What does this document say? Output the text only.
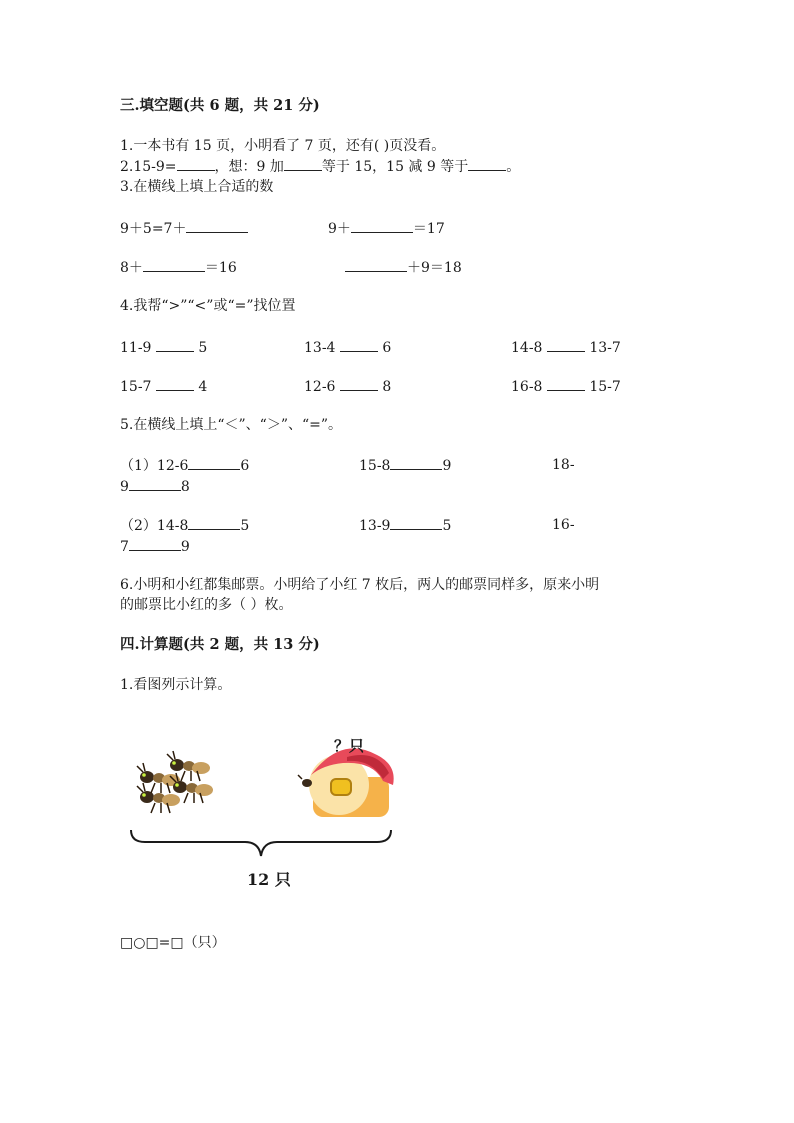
三.填空题(共 6 题，共 21 分)
1.一本书有 15 页，小明看了 7 页，还有( )页没看。
2.15-9=	，想：9 加	等于 15，15 减 9 等于	。
3.在横线上填上合适的数
9＋5=7＋	9＋	＝17
8＋	＝16	＋9＝18
4.我帮“>”“<”或“=”找位置
11-9	5	13-4	6	14-8	13-7
15-7	4	12-6	8	16-8	15-7
5.在横线上填上“＜”、“＞”、“=”。
（1）12-6	6	15-8	9	18-
9	8
（2）14-8	5	13-9	5	16-
7	9
6.小明和小红都集邮票。小明给了小红 7 枚后，两人的邮票同样多，原来小明
的邮票比小红的多（ ）枚。
四.计算题(共 2 题，共 13 分)
1.看图列示计算。
？只
12 只
□○□=□（只）
